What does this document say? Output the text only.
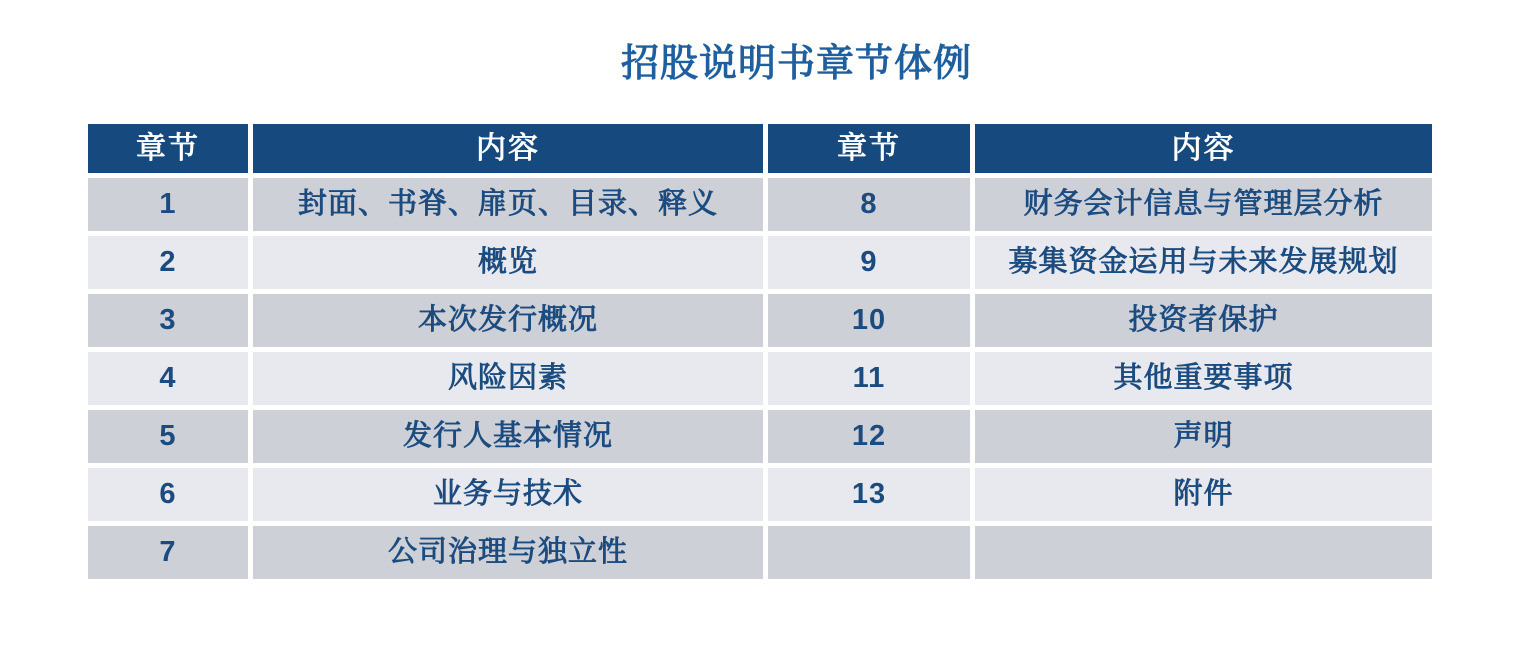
招股说明书章节体例
章节	内容	章节	内容
1	封面、书脊、扉页、目录、释义	8	财务会计信息与管理层分析
2	概览	9	募集资金运用与未来发展规划
3	本次发行概况	10	投资者保护
4	风险因素	11	其他重要事项
5	发行人基本情况	12	声明
6	业务与技术	13	附件
7	公司治理与独立性
